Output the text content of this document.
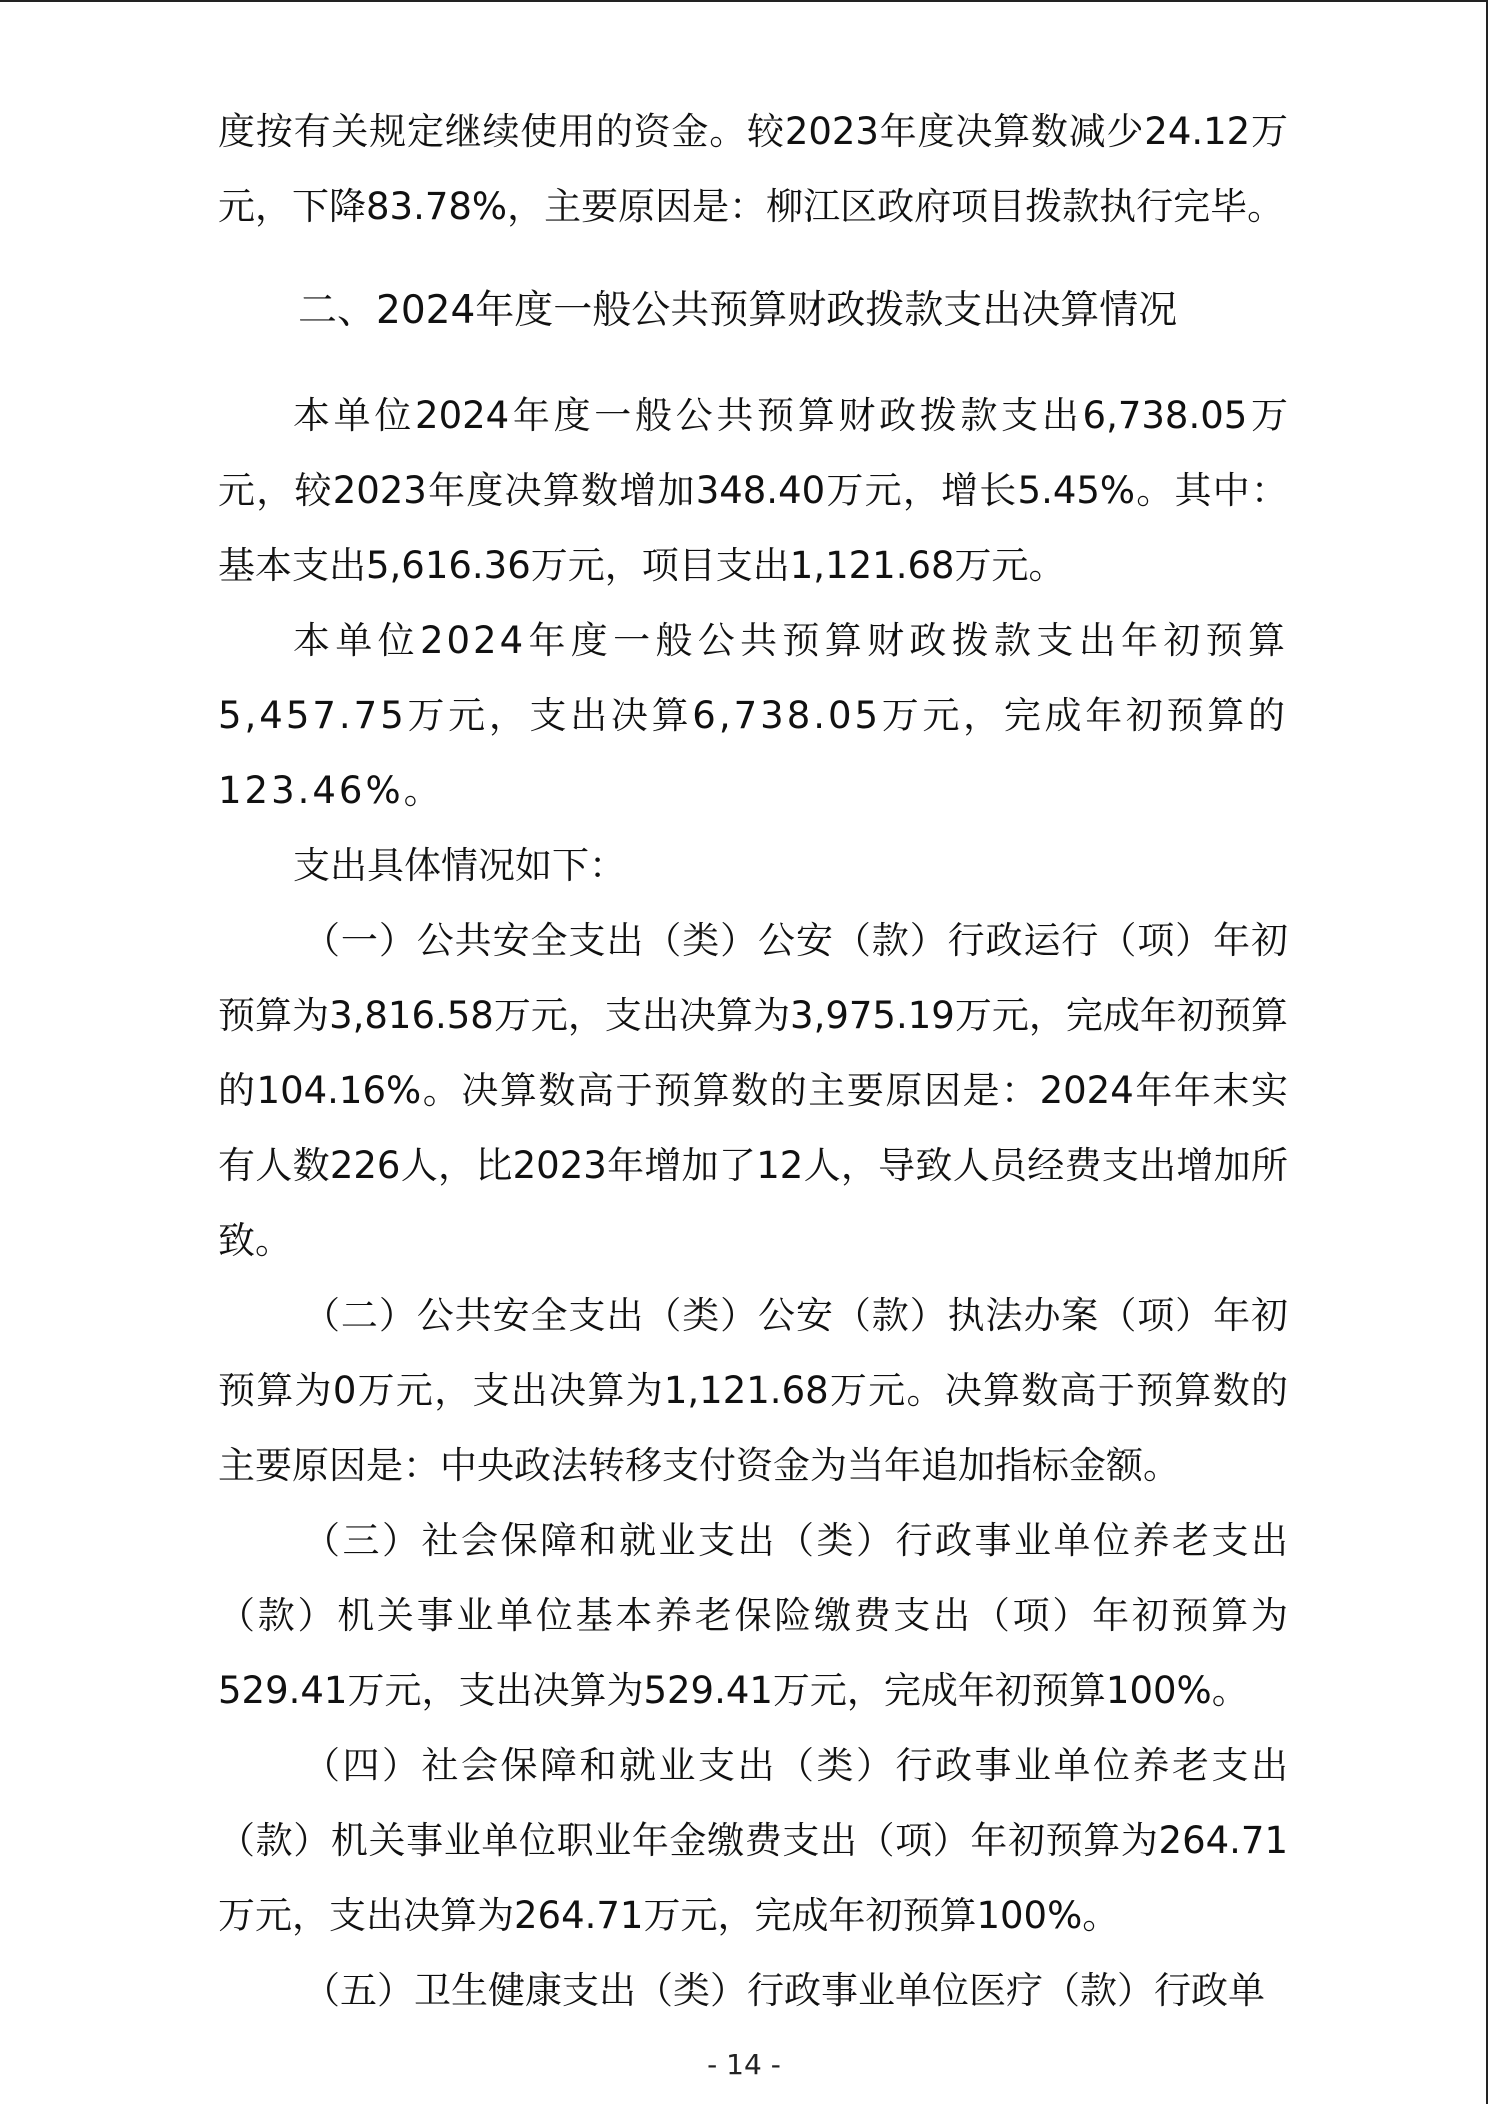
度按有关规定继续使用的资金。较2023年度决算数减少24.12万元，下降83.78%，主要原因是：柳江区政府项目拨款执行完毕。

二、2024年度一般公共预算财政拨款支出决算情况

本单位2024年度一般公共预算财政拨款支出6,738.05万元，较2023年度决算数增加348.40万元，增长5.45%。其中：基本支出5,616.36万元，项目支出1,121.68万元。

本单位2024年度一般公共预算财政拨款支出年初预算5,457.75万元，支出决算6,738.05万元，完成年初预算的123.46%。

支出具体情况如下：

（一）公共安全支出（类）公安（款）行政运行（项）年初预算为3,816.58万元，支出决算为3,975.19万元，完成年初预算的104.16%。决算数高于预算数的主要原因是：2024年年末实有人数226人，比2023年增加了12人，导致人员经费支出增加所致。

（二）公共安全支出（类）公安（款）执法办案（项）年初预算为0万元，支出决算为1,121.68万元。决算数高于预算数的主要原因是：中央政法转移支付资金为当年追加指标金额。

（三）社会保障和就业支出（类）行政事业单位养老支出（款）机关事业单位基本养老保险缴费支出（项）年初预算为529.41万元，支出决算为529.41万元，完成年初预算100%。

（四）社会保障和就业支出（类）行政事业单位养老支出（款）机关事业单位职业年金缴费支出（项）年初预算为264.71万元，支出决算为264.71万元，完成年初预算100%。

（五）卫生健康支出（类）行政事业单位医疗（款）行政单

- 14 -
